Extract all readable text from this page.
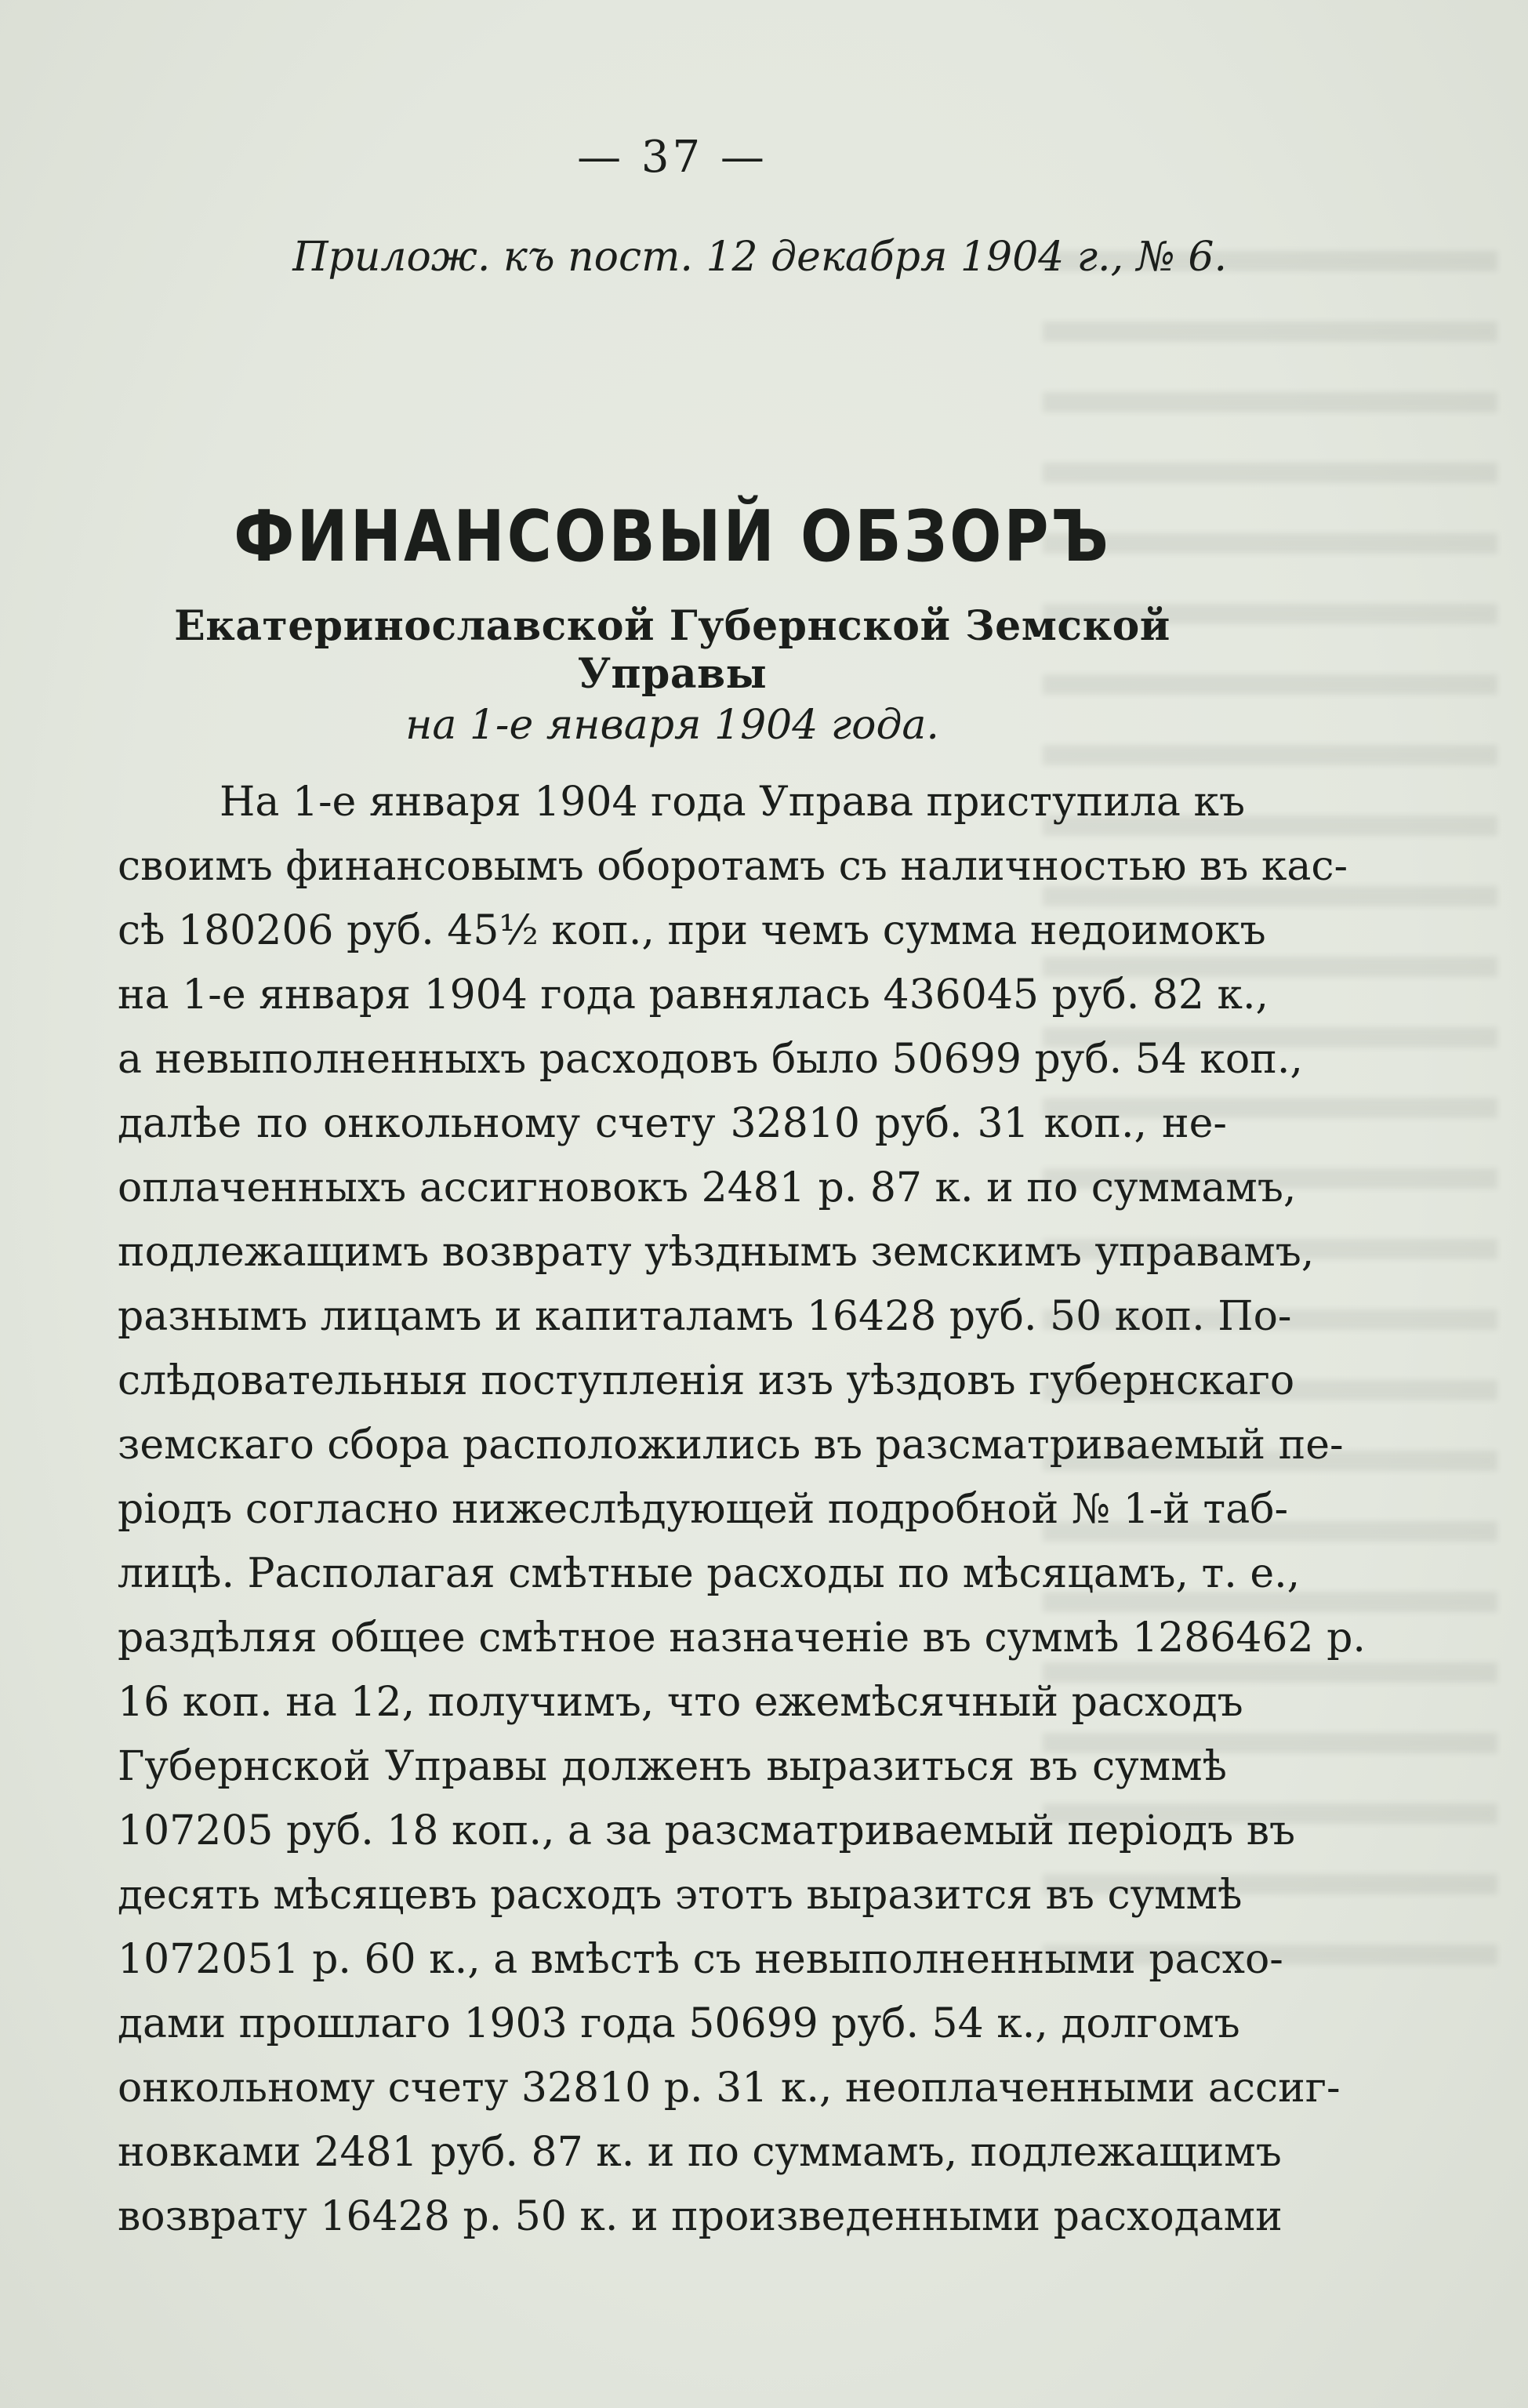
— 37 —
Прилож. къ пост. 12 декабря 1904 г., № 6.
ФИНАНСОВЫЙ ОБЗОРЪ
Екатеринославской Губернской Земской Управы
на 1-е января 1904 года.
На 1-е января 1904 года Управа приступила къ
своимъ финансовымъ оборотамъ съ наличностью въ кас-
сѣ 180206 руб. 45½ коп., при чемъ сумма недоимокъ
на 1-е января 1904 года равнялась 436045 руб. 82 к.,
а невыполненныхъ расходовъ было 50699 руб. 54 коп.,
далѣе по онкольному счету 32810 руб. 31 коп., не-
оплаченныхъ ассигновокъ 2481 р. 87 к. и по суммамъ,
подлежащимъ возврату уѣзднымъ земскимъ управамъ,
разнымъ лицамъ и капиталамъ 16428 руб. 50 коп. По-
слѣдовательныя поступленія изъ уѣздовъ губернскаго
земскаго сбора расположились въ разсматриваемый пе-
ріодъ согласно нижеслѣдующей подробной № 1-й таб-
лицѣ. Располагая смѣтные расходы по мѣсяцамъ, т. е.,
раздѣляя общее смѣтное назначеніе въ суммѣ 1286462 р.
16 коп. на 12, получимъ, что ежемѣсячный расходъ
Губернской Управы долженъ выразиться въ суммѣ
107205 руб. 18 коп., а за разсматриваемый періодъ въ
десять мѣсяцевъ расходъ этотъ выразится въ суммѣ
1072051 р. 60 к., а вмѣстѣ съ невыполненными расхо-
дами прошлаго 1903 года 50699 руб. 54 к., долгомъ
онкольному счету 32810 р. 31 к., неоплаченными ассиг-
новками 2481 руб. 87 к. и по суммамъ, подлежащимъ
возврату 16428 р. 50 к. и произведенными расходами
